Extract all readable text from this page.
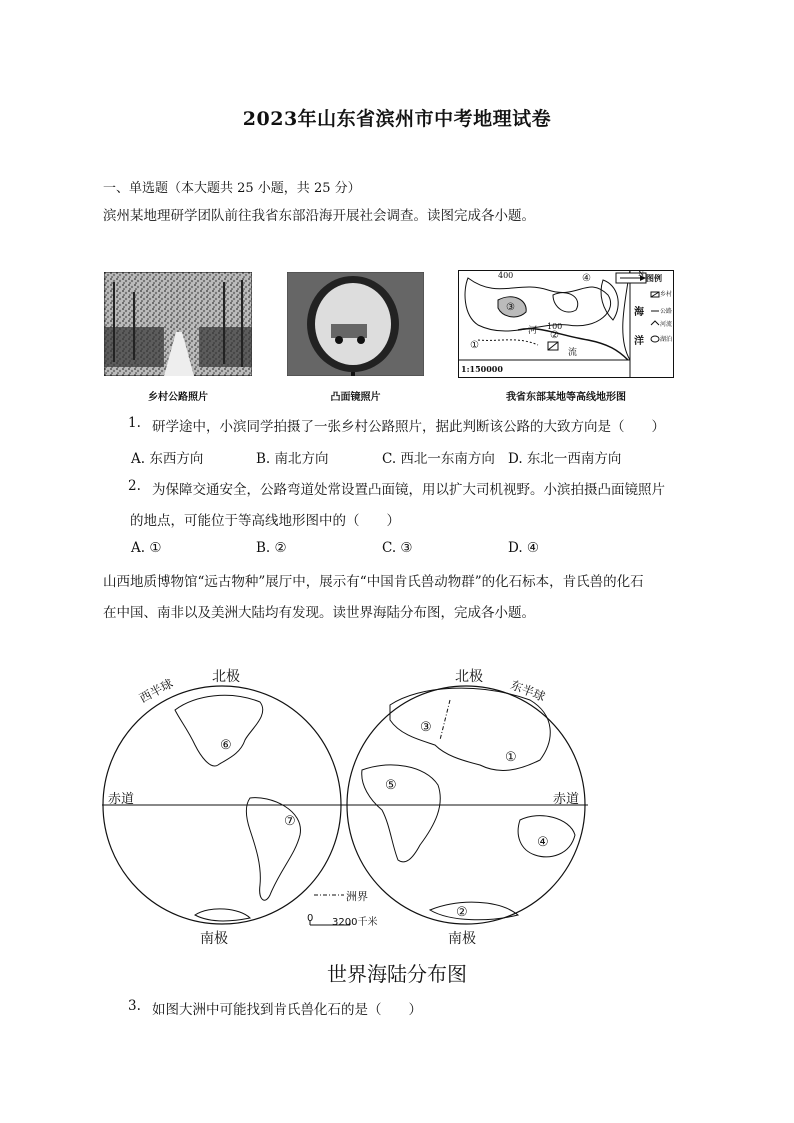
2023年山东省滨州市中考地理试卷
一、单选题（本大题共 25 小题，共 25 分）
滨州某地理研学团队前往我省东部沿海开展社会调查。读图完成各小题。
乡村公路照片	凸面镜照片
400
100
河
流
海
洋
N
①
②
③
④
1:150000
图例
乡村
公路
河流
湖泊
我省东部某地等高线地形图
1. 研学途中，小滨同学拍摄了一张乡村公路照片，据此判断该公路的大致方向是（　　）
A. 东西方向	B. 南北方向	C. 西北一东南方向 D. 东北一西南方向
2. 为保障交通安全，公路弯道处常设置凸面镜，用以扩大司机视野。小滨拍摄凸面镜照片
的地点，可能位于等高线地形图中的（　　）
A. ①	B. ②	C. ③	D. ④
山西地质博物馆“远古物种”展厅中，展示有“中国肯氏兽动物群”的化石标本，肯氏兽的化石
在中国、南非以及美洲大陆均有发现。读世界海陆分布图，完成各小题。
北极	北极
西半球	东半球
赤道	赤道
南极	南极
①
②
③
④
⑤
⑥
⑦
洲界
0 3200千米
世界海陆分布图
3. 如图大洲中可能找到肯氏兽化石的是（　　）
